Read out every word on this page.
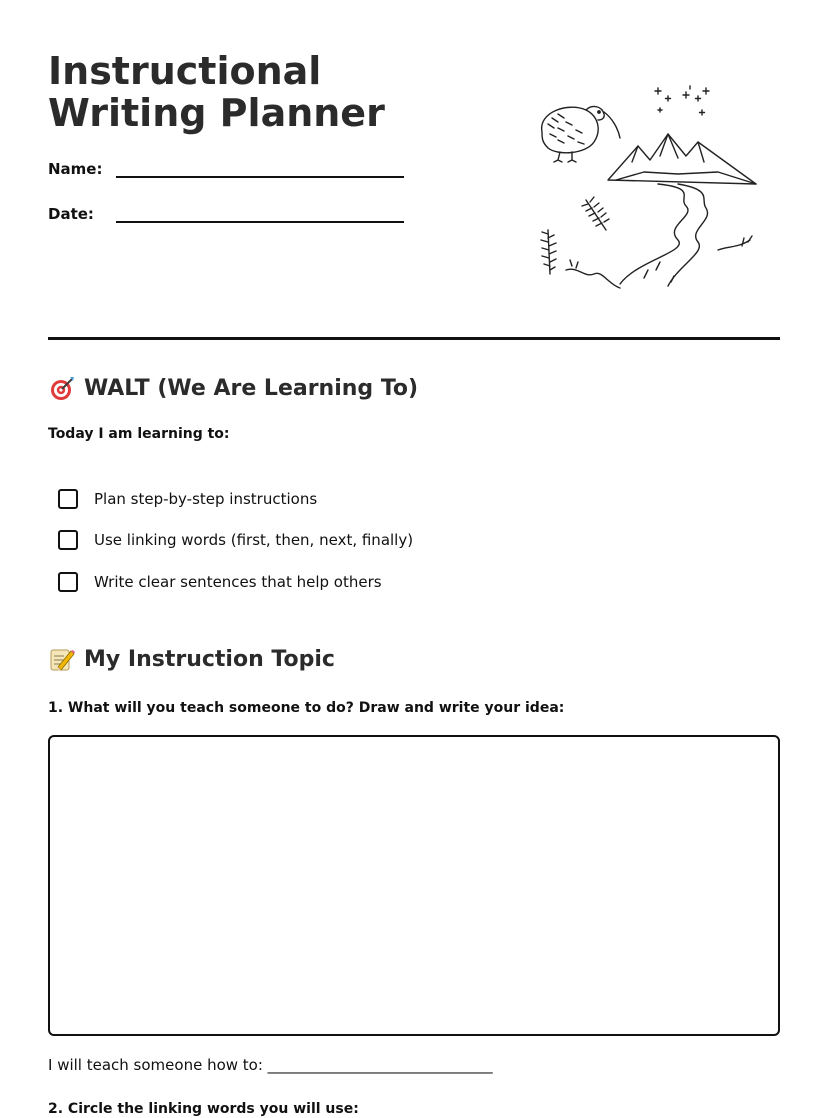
Instructional Writing Planner
Name:
Date:
WALT (We Are Learning To)

Today I am learning to:

Plan step-by-step instructions
Use linking words (first, then, next, finally)
Write clear sentences that help others
My Instruction Topic

1. What will you teach someone to do? Draw and write your idea:

I will teach someone how to: ______________________________

2. Circle the linking words you will use:
